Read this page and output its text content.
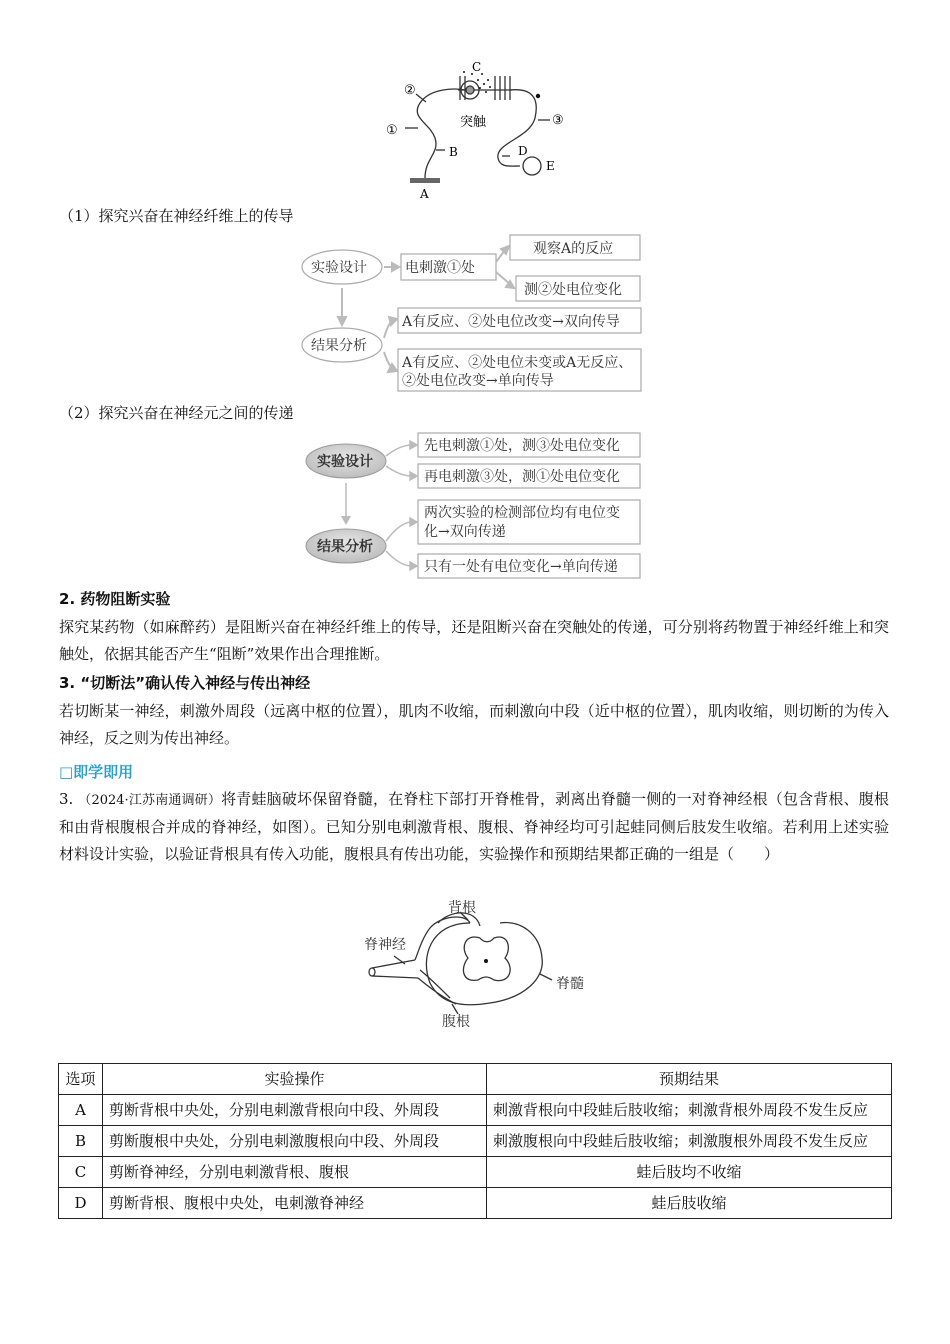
②
①
③
C
B	D
E
A
突触
（1）探究兴奋在神经纤维上的传导
实验设计
结果分析
电刺激①处
观察A的反应
测②处电位变化
A有反应、②处电位改变→双向传导
A有反应、②处电位未变或A无反应、
②处电位改变→单向传导
（2）探究兴奋在神经元之间的传递
实验设计
结果分析
先电刺激①处，测③处电位变化
再电刺激③处，测①处电位变化
两次实验的检测部位均有电位变
化→双向传递
只有一处有电位变化→单向传递
2. 药物阻断实验
探究某药物（如麻醉药）是阻断兴奋在神经纤维上的传导，还是阻断兴奋在突触处的传递，可分别将药物置于神经纤维上和突触处，依据其能否产生“阻断”效果作出合理推断。
3. “切断法”确认传入神经与传出神经
若切断某一神经，刺激外周段（远离中枢的位置），肌肉不收缩，而刺激向中段（近中枢的位置），肌肉收缩，则切断的为传入神经，反之则为传出神经。
□即学即用
3. （2024·江苏南通调研）将青蛙脑破坏保留脊髓，在脊柱下部打开脊椎骨，剥离出脊髓一侧的一对脊神经根（包含背根、腹根和由背根腹根合并成的脊神经，如图）。已知分别电刺激背根、腹根、脊神经均可引起蛙同侧后肢发生收缩。若利用上述实验材料设计实验，以验证背根具有传入功能，腹根具有传出功能，实验操作和预期结果都正确的一组是（　　）
背根
脊神经
脊髓
腹根
选项	实验操作	预期结果
A	剪断背根中央处，分别电刺激背根向中段、外周段	刺激背根向中段蛙后肢收缩；刺激背根外周段不发生反应
B	剪断腹根中央处，分别电刺激腹根向中段、外周段	刺激腹根向中段蛙后肢收缩；刺激腹根外周段不发生反应
C	剪断脊神经，分别电刺激背根、腹根	蛙后肢均不收缩
D	剪断背根、腹根中央处，电刺激脊神经	蛙后肢收缩
